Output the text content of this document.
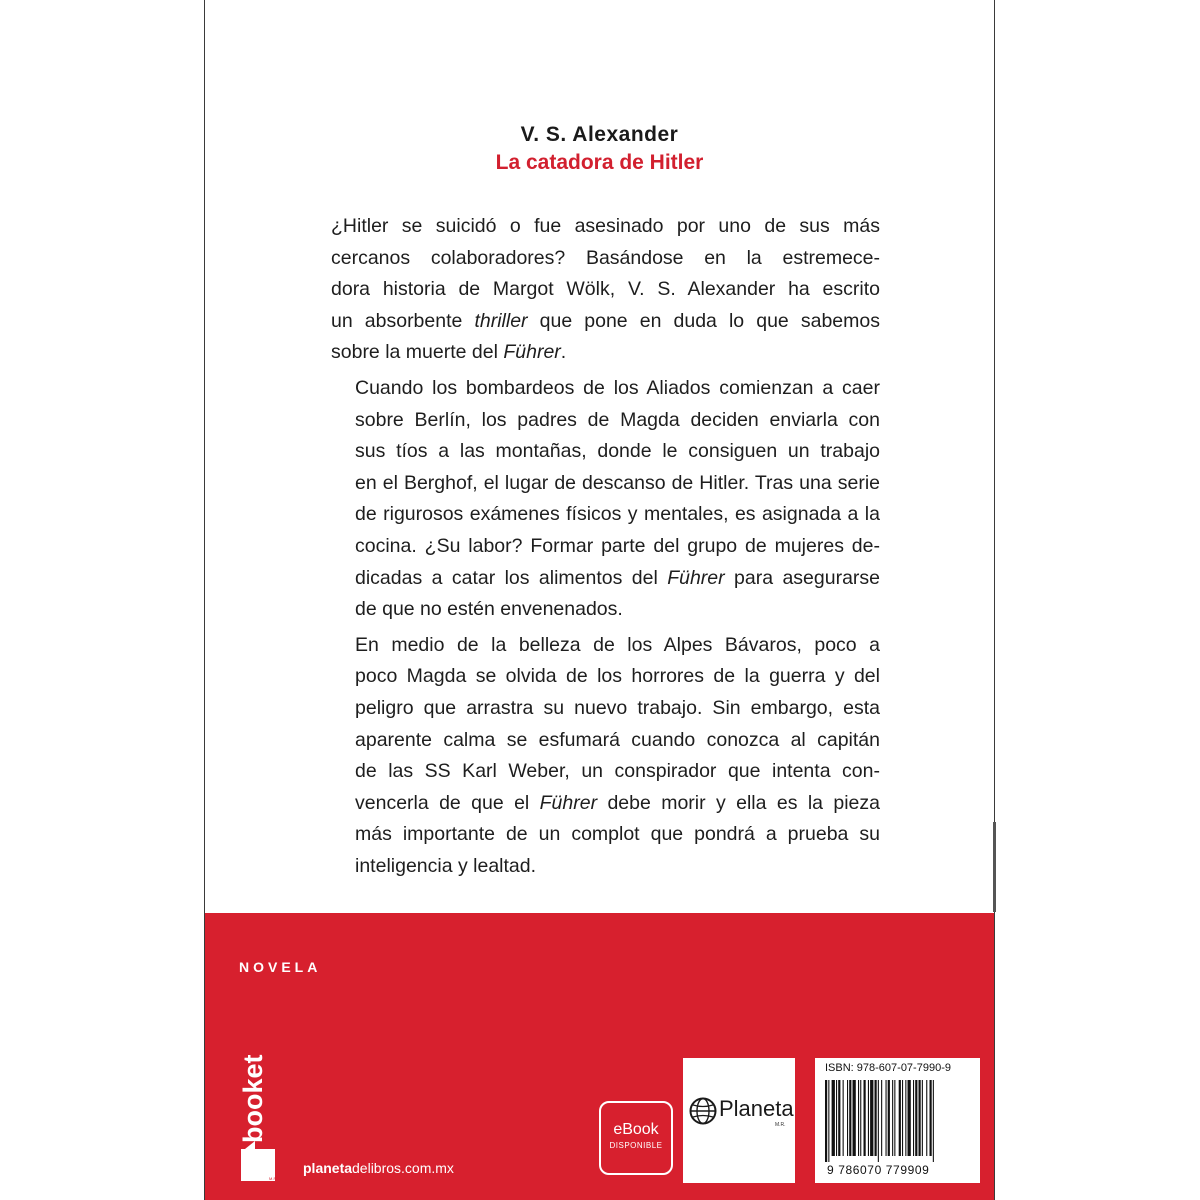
V. S. Alexander
La catadora de Hitler

¿Hitler se suicidó o fue asesinado por uno de sus más
cercanos colaboradores? Basándose en la estremece-
dora historia de Margot Wölk, V. S. Alexander ha escrito
un absorbente thriller que pone en duda lo que sabemos
sobre la muerte del Führer.

Cuando los bombardeos de los Aliados comienzan a caer
sobre Berlín, los padres de Magda deciden enviarla con
sus tíos a las montañas, donde le consiguen un trabajo
en el Berghof, el lugar de descanso de Hitler. Tras una serie
de rigurosos exámenes físicos y mentales, es asignada a la
cocina. ¿Su labor? Formar parte del grupo de mujeres de-
dicadas a catar los alimentos del Führer para asegurarse
de que no estén envenenados.

En medio de la belleza de los Alpes Bávaros, poco a
poco Magda se olvida de los horrores de la guerra y del
peligro que arrastra su nuevo trabajo. Sin embargo, esta
aparente calma se esfumará cuando conozca al capitán
de las SS Karl Weber, un conspirador que intenta con-
vencerla de que el Führer debe morir y ella es la pieza
más importante de un complot que pondrá a prueba su
inteligencia y lealtad.

NOVELA
booket
M.R.
planetadelibros.com.mx
eBook
DISPONIBLE
Planeta
M.R.
ISBN: 978-607-07-7990-9
9 786070 779909
